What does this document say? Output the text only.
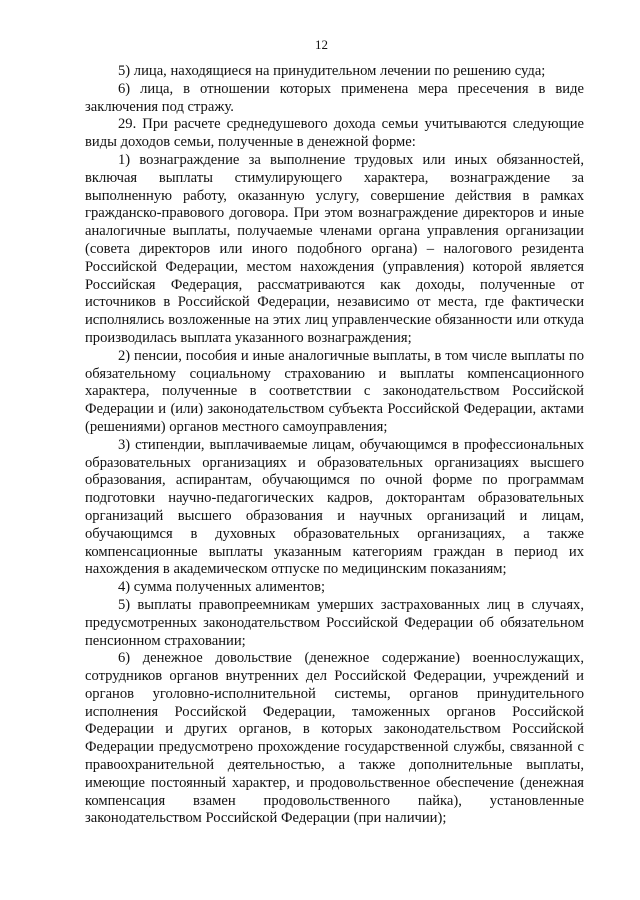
12

5) лица, находящиеся на принудительном лечении по решению суда;

6) лица, в отношении которых применена мера пресечения в виде заключения под стражу.

29. При расчете среднедушевого дохода семьи учитываются следующие виды доходов семьи, полученные в денежной форме:

1) вознаграждение за выполнение трудовых или иных обязанностей, включая выплаты стимулирующего характера, вознаграждение за выполненную работу, оказанную услугу, совершение действия в рамках гражданско-правового договора. При этом вознаграждение директоров и иные аналогичные выплаты, получаемые членами органа управления организации (совета директоров или иного подобного органа) – налогового резидента Российской Федерации, местом нахождения (управления) которой является Российская Федерация, рассматриваются как доходы, полученные от источников в Российской Федерации, независимо от места, где фактически исполнялись возложенные на этих лиц управленческие обязанности или откуда производилась выплата указанного вознаграждения;

2) пенсии, пособия и иные аналогичные выплаты, в том числе выплаты по обязательному социальному страхованию и выплаты компенсационного характера, полученные в соответствии с законодательством Российской Федерации и (или) законодательством субъекта Российской Федерации, актами (решениями) органов местного самоуправления;

3) стипендии, выплачиваемые лицам, обучающимся в профессиональных образовательных организациях и образовательных организациях высшего образования, аспирантам, обучающимся по очной форме по программам подготовки научно-педагогических кадров, докторантам образовательных организаций высшего образования и научных организаций и лицам, обучающимся в духовных образовательных организациях, а также компенсационные выплаты указанным категориям граждан в период их нахождения в академическом отпуске по медицинским показаниям;

4) сумма полученных алиментов;

5) выплаты правопреемникам умерших застрахованных лиц в случаях, предусмотренных законодательством Российской Федерации об обязательном пенсионном страховании;

6) денежное довольствие (денежное содержание) военнослужащих, сотрудников органов внутренних дел Российской Федерации, учреждений и органов уголовно-исполнительной системы, органов принудительного исполнения Российской Федерации, таможенных органов Российской Федерации и других органов, в которых законодательством Российской Федерации предусмотрено прохождение государственной службы, связанной с правоохранительной деятельностью, а также дополнительные выплаты, имеющие постоянный характер, и продовольственное обеспечение (денежная компенсация взамен продовольственного пайка), установленные законодательством Российской Федерации (при наличии);
